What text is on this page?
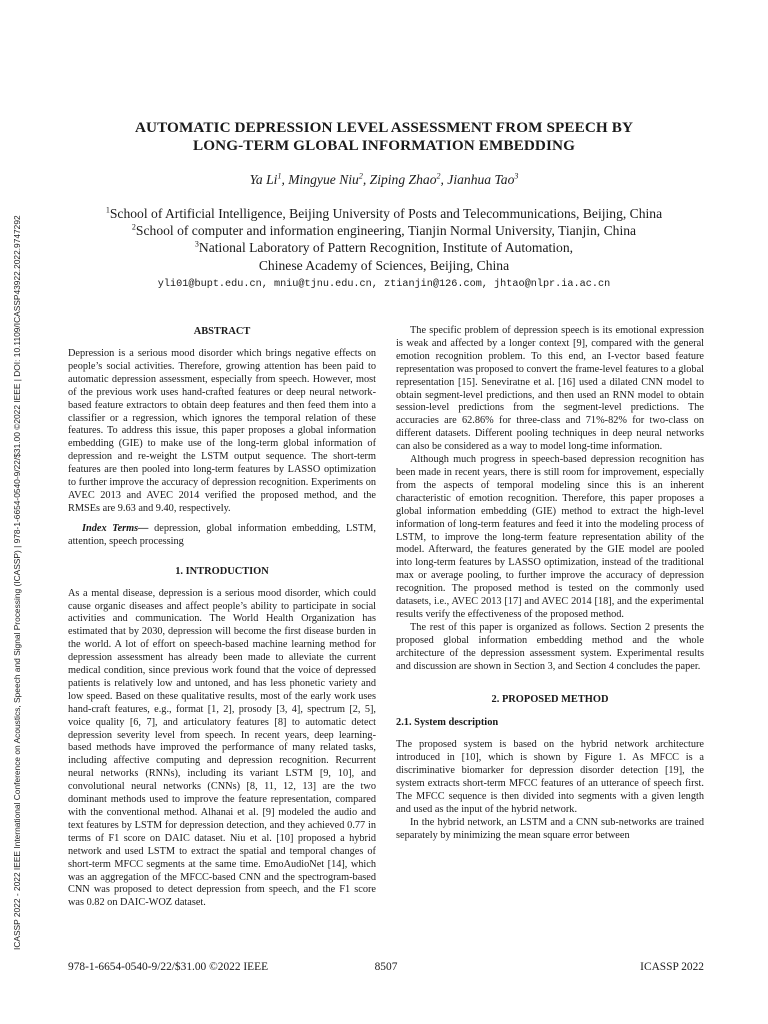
ICASSP 2022 - 2022 IEEE International Conference on Acoustics, Speech and Signal Processing (ICASSP) | 978-1-6654-0540-9/22/$31.00 ©2022 IEEE | DOI: 10.1109/ICASSP43922.2022.9747292
AUTOMATIC DEPRESSION LEVEL ASSESSMENT FROM SPEECH BY
LONG-TERM GLOBAL INFORMATION EMBEDDING
Ya Li$^1$, Mingyue Niu$^2$, Ziping Zhao$^2$, Jianhua Tao$^3$
$^1$School of Artificial Intelligence, Beijing University of Posts and Telecommunications, Beijing, China
$^2$School of computer and information engineering, Tianjin Normal University, Tianjin, China
$^3$National Laboratory of Pattern Recognition, Institute of Automation,
Chinese Academy of Sciences, Beijing, China
yli01@bupt.edu.cn, mniu@tjnu.edu.cn, ztianjin@126.com, jhtao@nlpr.ia.ac.cn
ABSTRACT

Depression is a serious mood disorder which brings negative effects on people’s social activities. Therefore, growing attention has been paid to automatic depression assessment, especially from speech. However, most of the previous work uses hand-crafted features or deep neural network-based feature extractors to obtain deep features and then feed them into a classifier or a regression, which ignores the temporal relation of these features. To address this issue, this paper proposes a global information embedding (GIE) to make use of the long-term global information of depression and re-weight the LSTM output sequence. The short-term features are then pooled into long-term features by LASSO optimization to further improve the accuracy of depression recognition. Experiments on AVEC 2013 and AVEC 2014 verified the proposed method, and the RMSEs are 9.63 and 9.40, respectively.

Index Terms— depression, global information embedding, LSTM, attention, speech processing

1. INTRODUCTION

As a mental disease, depression is a serious mood disorder, which could cause organic diseases and affect people’s ability to participate in social activities and communication. The World Health Organization has estimated that by 2030, depression will become the first disease burden in the world. A lot of effort on speech-based machine learning method for depression assessment has already been made to alleviate the current medical condition, since previous work found that the voice of depressed patients is relatively low and untoned, and has less phonetic variety and low speed. Based on these qualitative results, most of the early work uses hand-craft features, e.g., format [1, 2], prosody [3, 4], spectrum [2, 5], voice quality [6, 7], and articulatory features [8] to automatic detect depression severity level from speech. In recent years, deep learning-based methods have improved the performance of many related tasks, including affective computing and depression recognition. Recurrent neural networks (RNNs), including its variant LSTM [9, 10], and convolutional neural networks (CNNs) [8, 11, 12, 13] are the two dominant methods used to improve the feature representation, compared with the conventional method. Alhanai et al. [9] modeled the audio and text features by LSTM for depression detection, and they achieved 0.77 in terms of F1 score on DAIC dataset. Niu et al. [10] proposed a hybrid network and used LSTM to extract the spatial and temporal changes of short-term MFCC segments at the same time. EmoAudioNet [14], which was an aggregation of the MFCC-based CNN and the spectrogram-based CNN was proposed to detect depression from speech, and the F1 score was 0.82 on DAIC-WOZ dataset.

The specific problem of depression speech is its emotional expression is weak and affected by a longer context [9], compared with the general emotion recognition problem. To this end, an I-vector based feature representation was proposed to convert the frame-level features to a global representation [15]. Seneviratne et al. [16] used a dilated CNN model to obtain segment-level predictions, and then used an RNN model to obtain session-level predictions from the segment-level predictions. The accuracies are 62.86% for three-class and 71%-82% for two-class on different datasets. Different pooling techniques in deep neural networks can also be considered as a way to model long-time information.

Although much progress in speech-based depression recognition has been made in recent years, there is still room for improvement, especially from the aspects of temporal modeling since this is an inherent characteristic of emotion recognition. Therefore, this paper proposes a global information embedding (GIE) method to extract the high-level information of long-term features and feed it into the modeling process of LSTM, to improve the long-term feature representation ability of the model. Afterward, the features generated by the GIE model are pooled into long-term features by LASSO optimization, instead of the traditional max or average pooling, to further improve the accuracy of depression recognition. The proposed method is tested on the commonly used datasets, i.e., AVEC 2013 [17] and AVEC 2014 [18], and the experimental results verify the effectiveness of the proposed method.

The rest of this paper is organized as follows. Section 2 presents the proposed global information embedding method and the whole architecture of the depression assessment system. Experimental results and discussion are shown in Section 3, and Section 4 concludes the paper.

2. PROPOSED METHOD
2.1. System description

The proposed system is based on the hybrid network architecture introduced in [10], which is shown by Figure 1. As MFCC is a discriminative biomarker for depression disorder detection [19], the system extracts short-term MFCC features of an utterance of speech first. The MFCC sequence is then divided into segments with a given length and used as the input of the hybrid network.

In the hybrid network, an LSTM and a CNN sub-networks are trained separately by minimizing the mean square error between

978-1-6654-0540-9/22/$31.00 ©2022 IEEE	8507	ICASSP 2022
